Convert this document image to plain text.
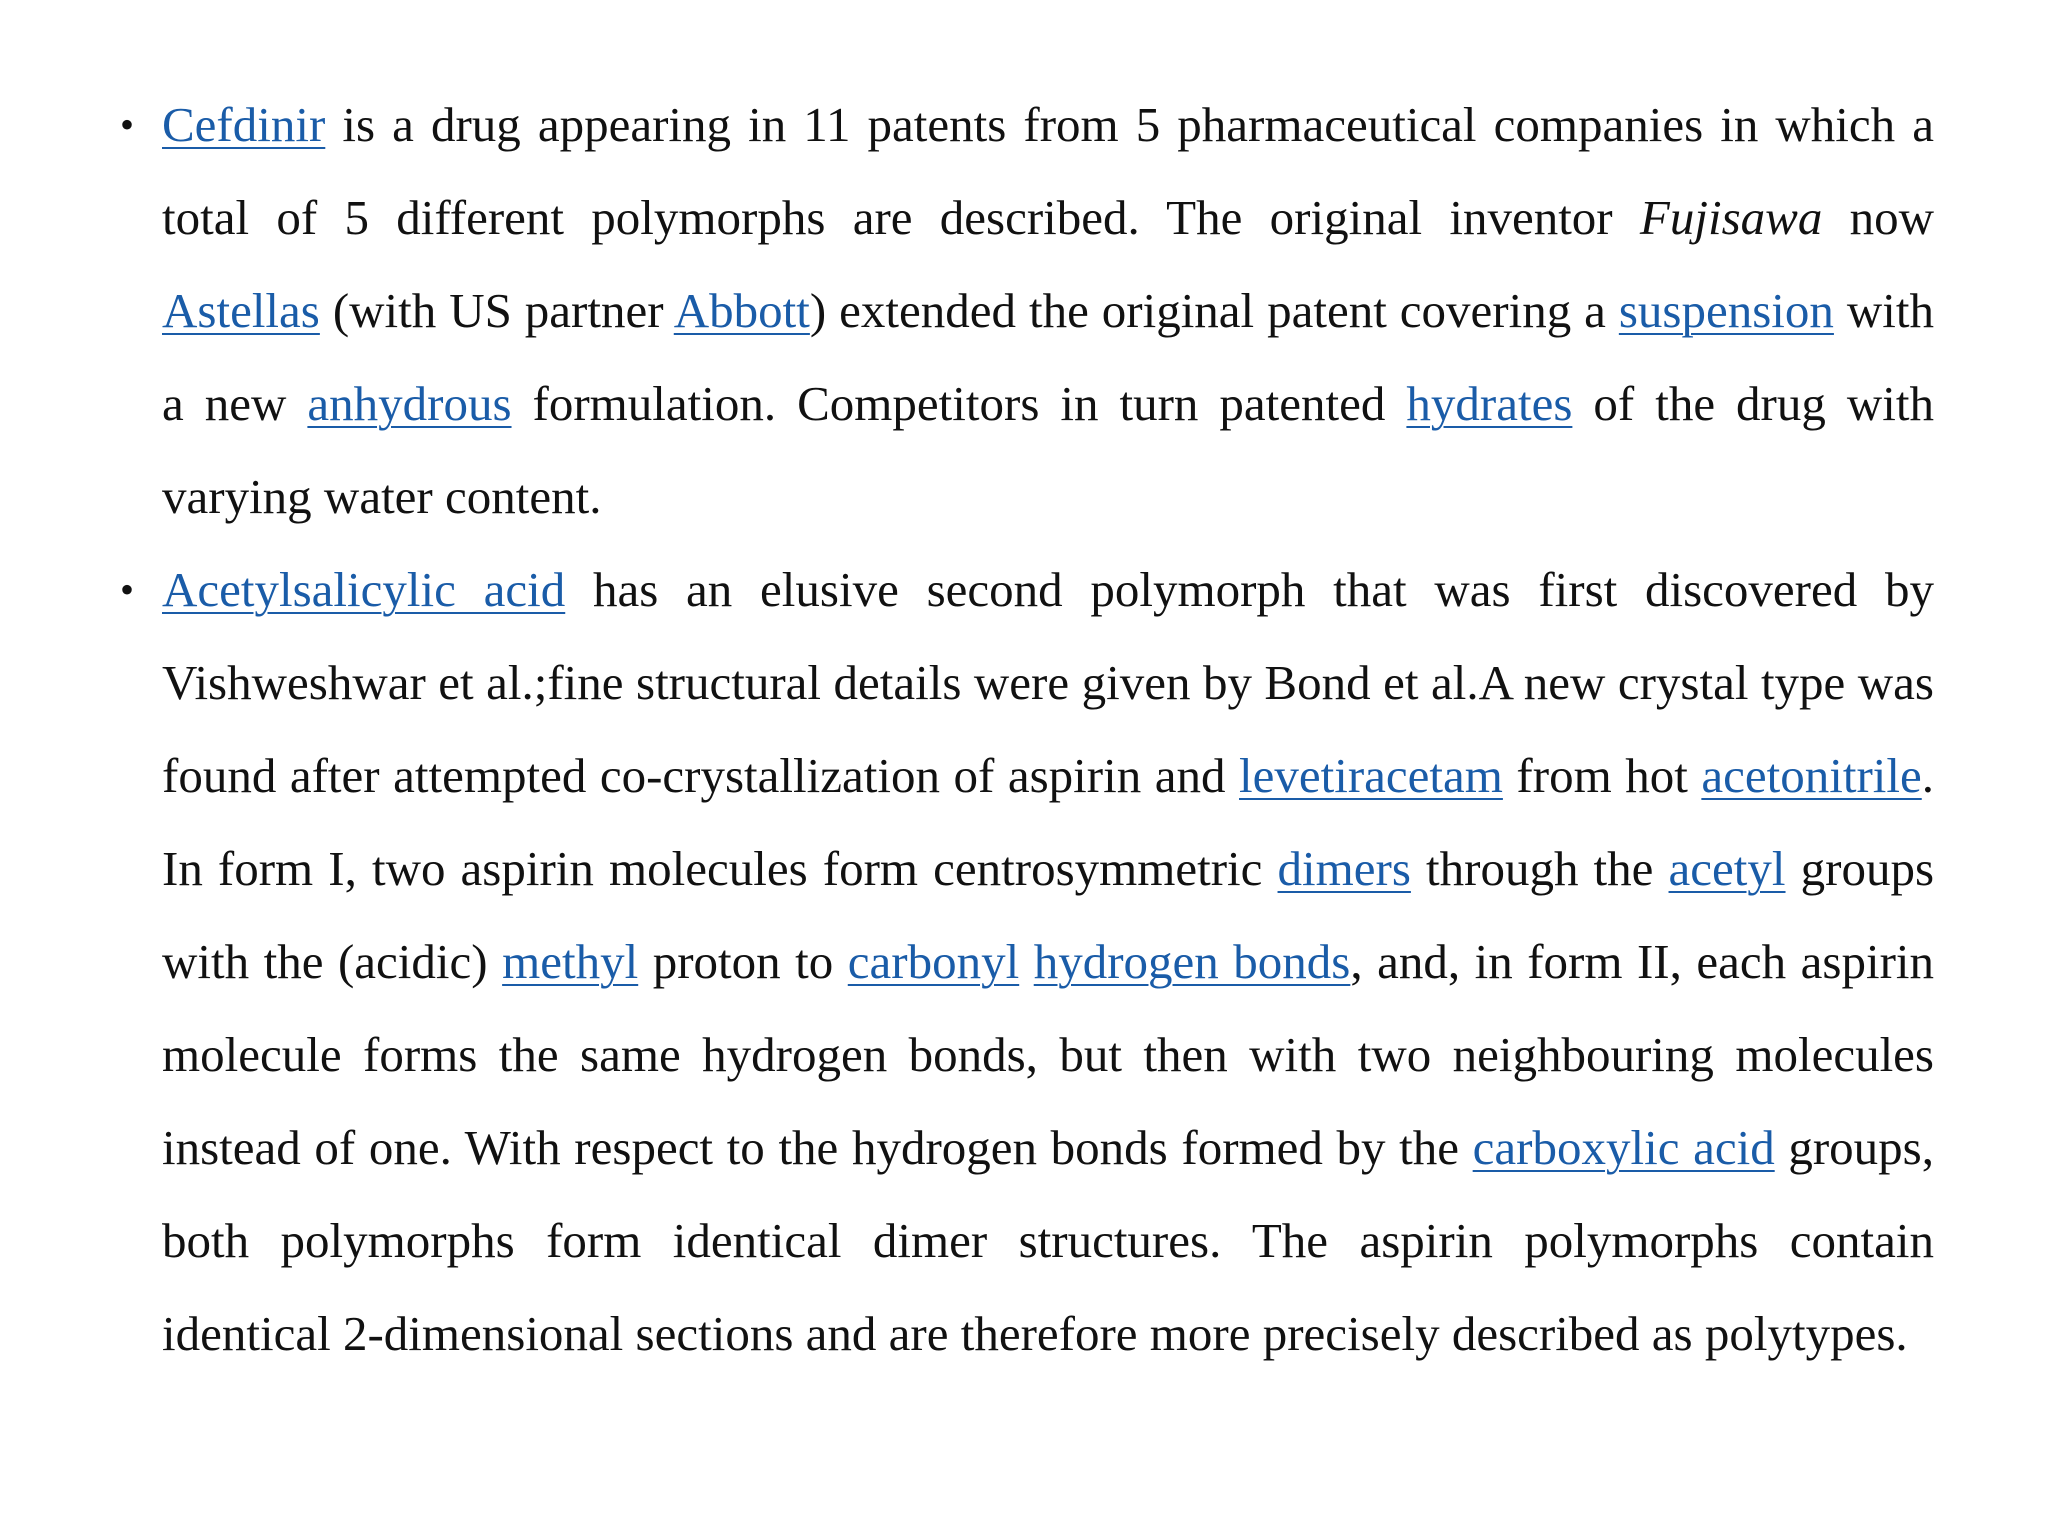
• Cefdinir is a drug appearing in 11 patents from 5 pharmaceutical companies in which a total of 5 different polymorphs are described. The original inventor Fujisawa now Astellas (with US partner Abbott) extended the original patent covering a suspension with a new anhydrous formulation. Competitors in turn patented hydrates of the drug with varying water content.
• Acetylsalicylic acid has an elusive second polymorph that was first discovered by Vishweshwar et al.;fine structural details were given by Bond et al.A new crystal type was found after attempted co-crystallization of aspirin and levetiracetam from hot acetonitrile. In form I, two aspirin molecules form centrosymmetric dimers through the acetyl groups with the (acidic) methyl proton to carbonyl hydrogen bonds, and, in form II, each aspirin molecule forms the same hydrogen bonds, but then with two neighbouring molecules instead of one. With respect to the hydrogen bonds formed by the carboxylic acid groups, both polymorphs form identical dimer structures. The aspirin polymorphs contain identical 2-dimensional sections and are therefore more precisely described as polytypes.
